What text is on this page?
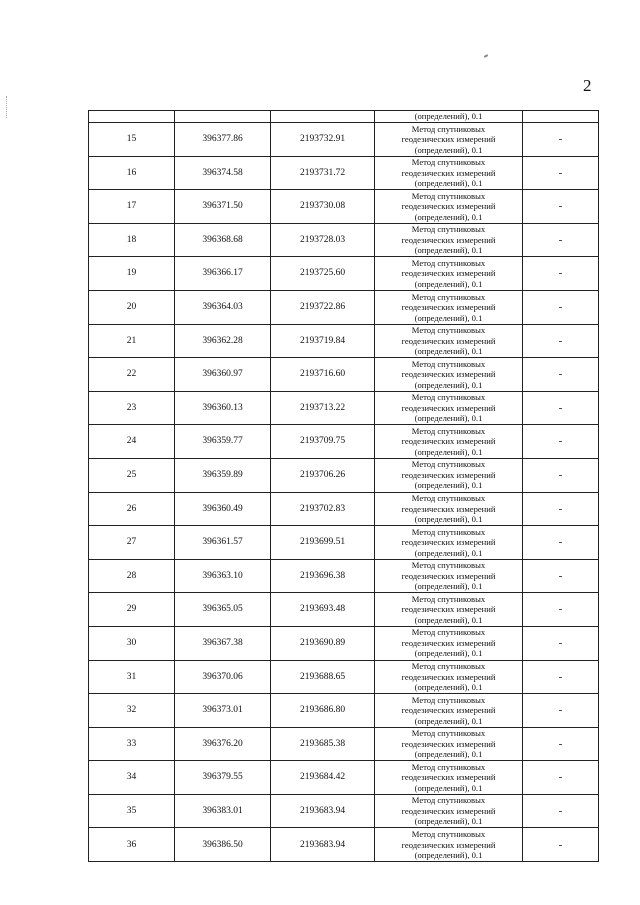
2
			(определений), 0.1	
15	396377.86	2193732.91	Метод спутниковых
геодезических измерений
(определений), 0.1	-
16	396374.58	2193731.72	Метод спутниковых
геодезических измерений
(определений), 0.1	-
17	396371.50	2193730.08	Метод спутниковых
геодезических измерений
(определений), 0.1	-
18	396368.68	2193728.03	Метод спутниковых
геодезических измерений
(определений), 0.1	-
19	396366.17	2193725.60	Метод спутниковых
геодезических измерений
(определений), 0.1	-
20	396364.03	2193722.86	Метод спутниковых
геодезических измерений
(определений), 0.1	-
21	396362.28	2193719.84	Метод спутниковых
геодезических измерений
(определений), 0.1	-
22	396360.97	2193716.60	Метод спутниковых
геодезических измерений
(определений), 0.1	-
23	396360.13	2193713.22	Метод спутниковых
геодезических измерений
(определений), 0.1	-
24	396359.77	2193709.75	Метод спутниковых
геодезических измерений
(определений), 0.1	-
25	396359.89	2193706.26	Метод спутниковых
геодезических измерений
(определений), 0.1	-
26	396360.49	2193702.83	Метод спутниковых
геодезических измерений
(определений), 0.1	-
27	396361.57	2193699.51	Метод спутниковых
геодезических измерений
(определений), 0.1	-
28	396363.10	2193696.38	Метод спутниковых
геодезических измерений
(определений), 0.1	-
29	396365.05	2193693.48	Метод спутниковых
геодезических измерений
(определений), 0.1	-
30	396367.38	2193690.89	Метод спутниковых
геодезических измерений
(определений), 0.1	-
31	396370.06	2193688.65	Метод спутниковых
геодезических измерений
(определений), 0.1	-
32	396373.01	2193686.80	Метод спутниковых
геодезических измерений
(определений), 0.1	-
33	396376.20	2193685.38	Метод спутниковых
геодезических измерений
(определений), 0.1	-
34	396379.55	2193684.42	Метод спутниковых
геодезических измерений
(определений), 0.1	-
35	396383.01	2193683.94	Метод спутниковых
геодезических измерений
(определений), 0.1	-
36	396386.50	2193683.94	Метод спутниковых
геодезических измерений
(определений), 0.1	-
